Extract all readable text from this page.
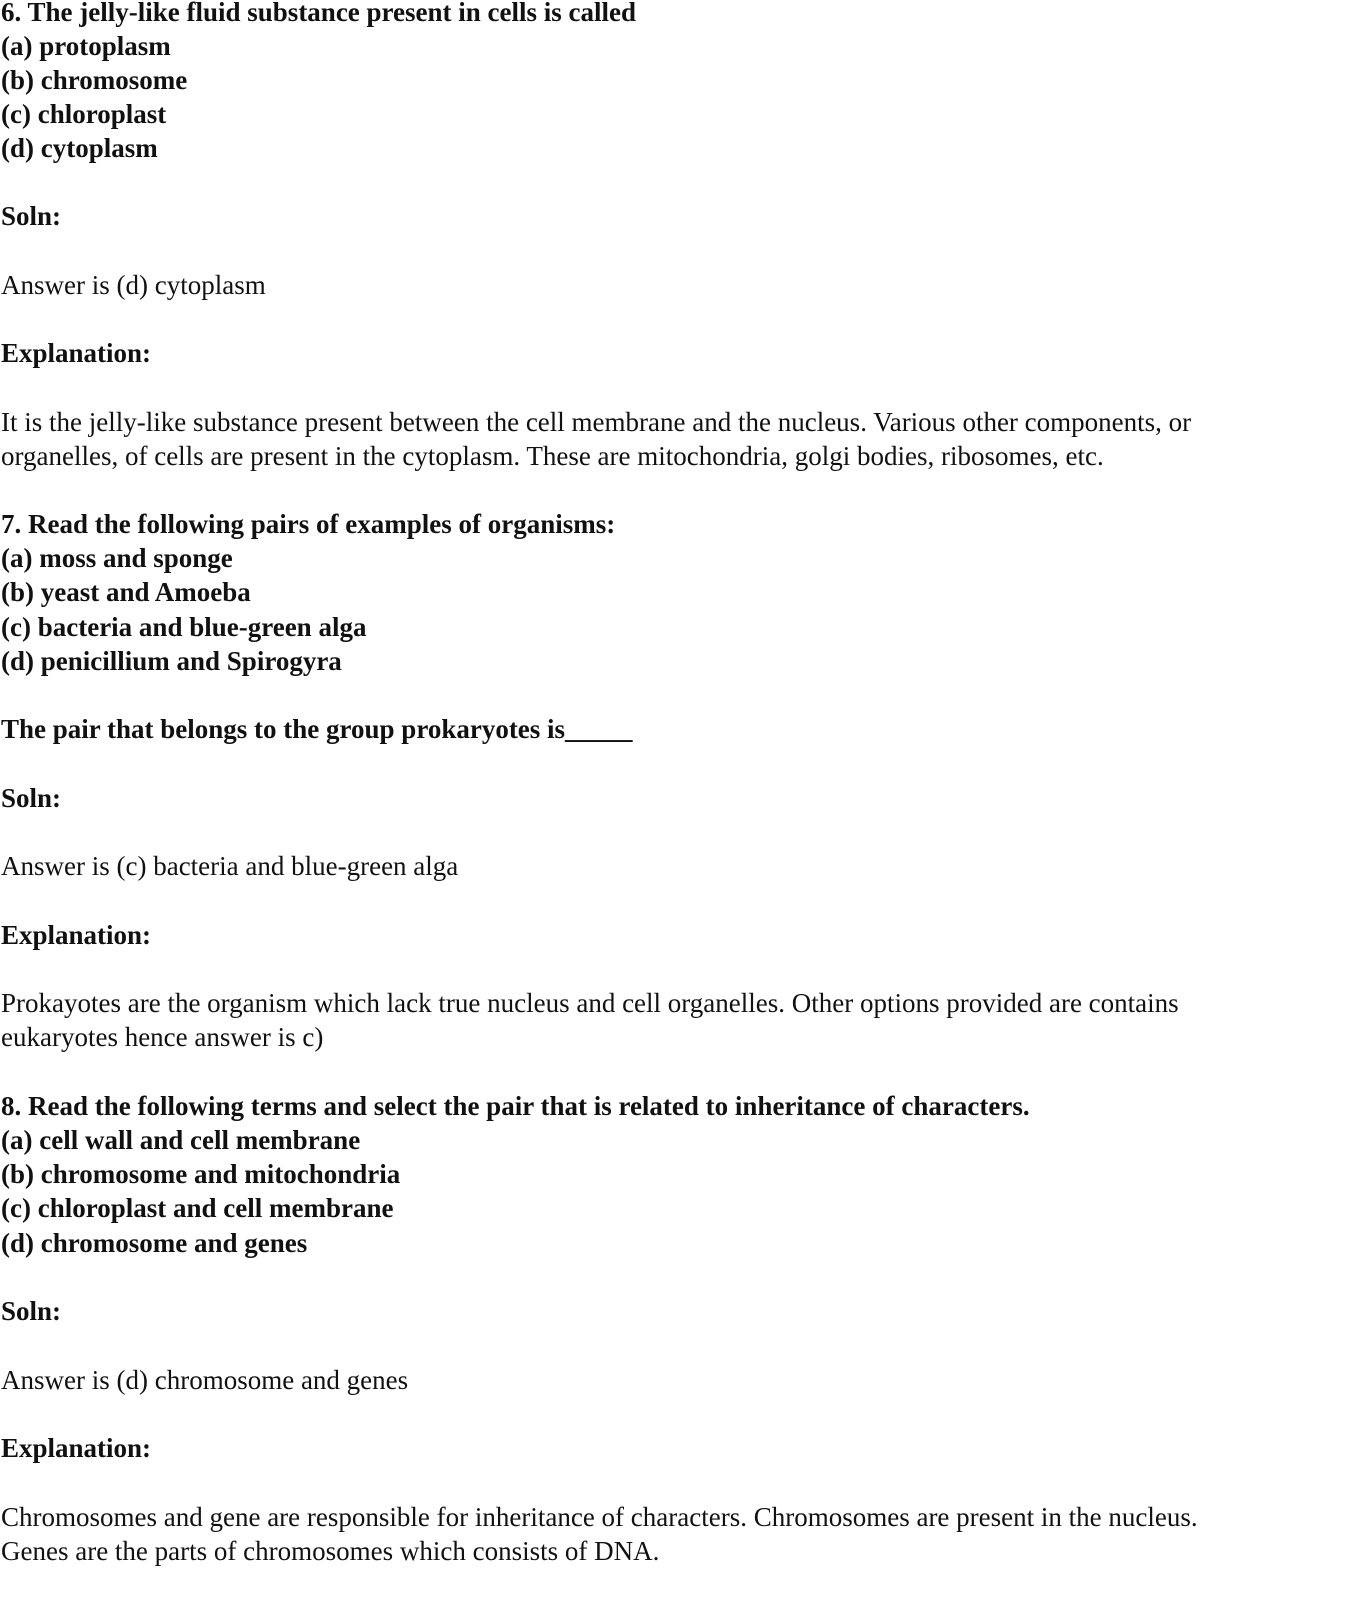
6. The jelly-like fluid substance present in cells is called
(a) protoplasm
(b) chromosome
(c) chloroplast
(d) cytoplasm
Soln:
Answer is (d) cytoplasm
Explanation:
It is the jelly-like substance present between the cell membrane and the nucleus. Various other components, or
organelles, of cells are present in the cytoplasm. These are mitochondria, golgi bodies, ribosomes, etc.
7. Read the following pairs of examples of organisms:
(a) moss and sponge
(b) yeast and Amoeba
(c) bacteria and blue-green alga
(d) penicillium and Spirogyra
The pair that belongs to the group prokaryotes is_____
Soln:
Answer is (c) bacteria and blue-green alga
Explanation:
Prokayotes are the organism which lack true nucleus and cell organelles. Other options provided are contains
eukaryotes hence answer is c)
8. Read the following terms and select the pair that is related to inheritance of characters.
(a) cell wall and cell membrane
(b) chromosome and mitochondria
(c) chloroplast and cell membrane
(d) chromosome and genes
Soln:
Answer is (d) chromosome and genes
Explanation:
Chromosomes and gene are responsible for inheritance of characters. Chromosomes are present in the nucleus.
Genes are the parts of chromosomes which consists of DNA.
